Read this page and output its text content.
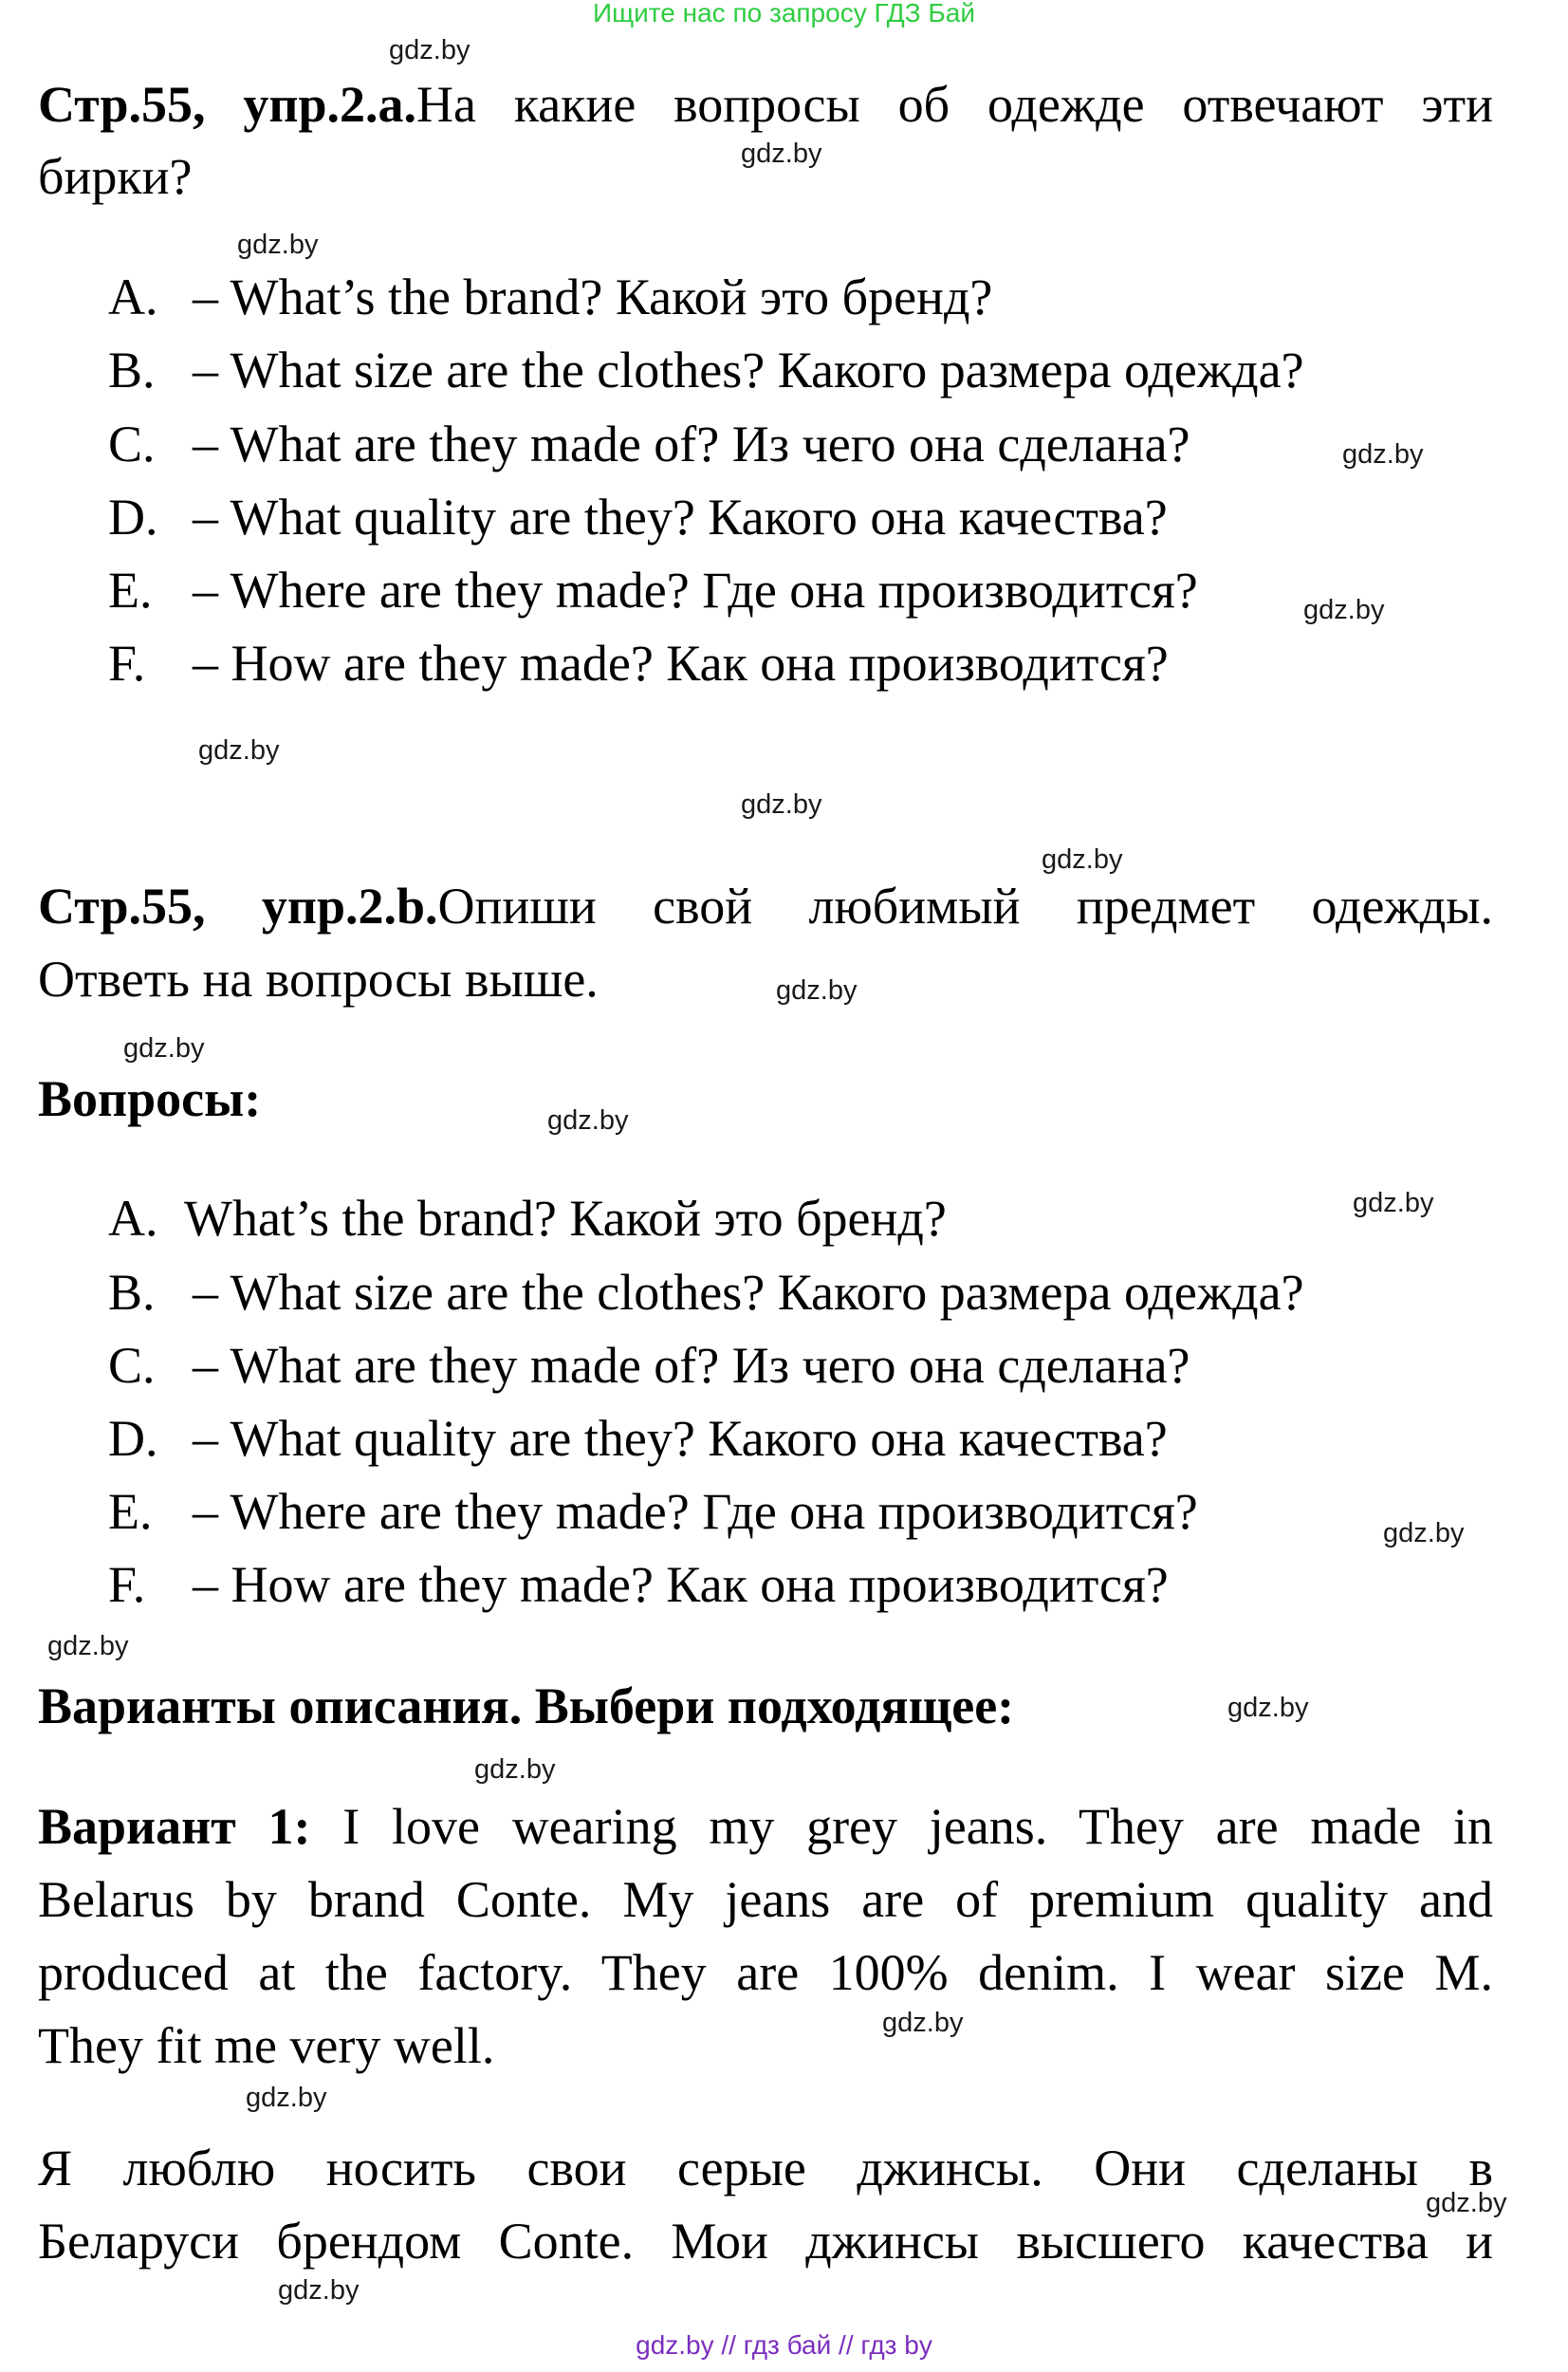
Ищите нас по запросу ГДЗ Бай
Стр.55, упр.2.а.На какие вопросы об одежде отвечают эти
бирки?
A. – What’s the brand? Какой это бренд?
B. – What size are the clothes? Какого размера одежда?
C. – What are they made of? Из чего она сделана?
D. – What quality are they? Какого она качества?
E. – Where are they made? Где она производится?
F. – How are they made? Как она производится?
Стр.55, упр.2.b.Опиши свой любимый предмет одежды.
Ответь на вопросы выше.
Вопросы:
A. What’s the brand? Какой это бренд?
B. – What size are the clothes? Какого размера одежда?
C. – What are they made of? Из чего она сделана?
D. – What quality are they? Какого она качества?
E. – Where are they made? Где она производится?
F. – How are they made? Как она производится?
Варианты описания. Выбери подходящее:
Вариант 1: I love wearing my grey jeans. They are made in
Belarus by brand Conte. My jeans are of premium quality and
produced at the factory. They are 100% denim. I wear size M.
They fit me very well.
Я люблю носить свои серые джинсы. Они сделаны в
Беларуси брендом Conte. Мои джинсы высшего качества и
gdz.by
gdz.by
gdz.by
gdz.by
gdz.by
gdz.by
gdz.by
gdz.by
gdz.by
gdz.by
gdz.by
gdz.by
gdz.by
gdz.by
gdz.by
gdz.by
gdz.by
gdz.by
gdz.by
gdz.by
gdz.by // гдз бай // гдз by
